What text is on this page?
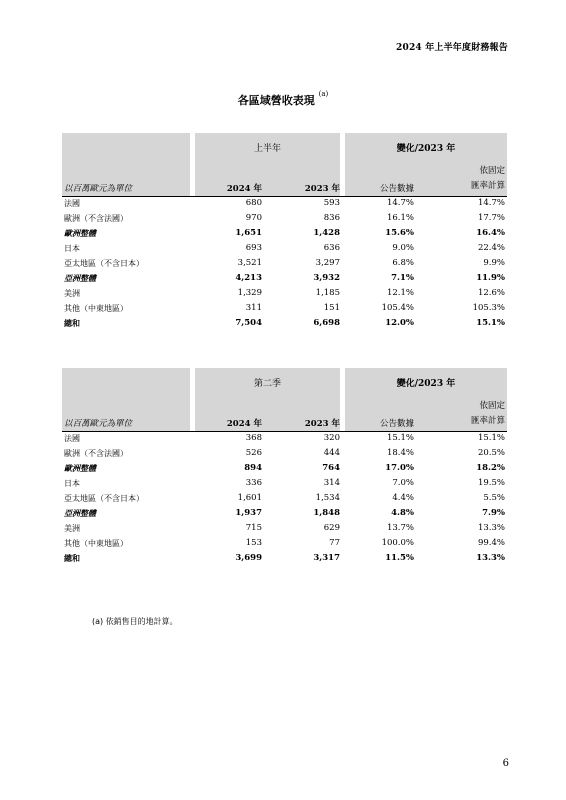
2024 年上半年度財務報告
各區域營收表現 $^{(a)}$
上半年	變化/2023 年
以百萬歐元為單位	2024 年	2023 年	公告數據
依固定
匯率計算
法國	680	593	14.7%	14.7%
歐洲（不含法國）	970	836	16.1%	17.7%
歐洲整體	1,651	1,428	15.6%	16.4%
日本	693	636	9.0%	22.4%
亞太地區（不含日本）	3,521	3,297	6.8%	9.9%
亞洲整體	4,213	3,932	7.1%	11.9%
美洲	1,329	1,185	12.1%	12.6%
其他（中東地區）	311	151	105.4%	105.3%
總和	7,504	6,698	12.0%	15.1%
第二季	變化/2023 年
以百萬歐元為單位	2024 年	2023 年	公告數據
依固定
匯率計算
法國	368	320	15.1%	15.1%
歐洲（不含法國）	526	444	18.4%	20.5%
歐洲整體	894	764	17.0%	18.2%
日本	336	314	7.0%	19.5%
亞太地區（不含日本）	1,601	1,534	4.4%	5.5%
亞洲整體	1,937	1,848	4.8%	7.9%
美洲	715	629	13.7%	13.3%
其他（中東地區）	153	77	100.0%	99.4%
總和	3,699	3,317	11.5%	13.3%
(a) 依銷售目的地計算。
6
